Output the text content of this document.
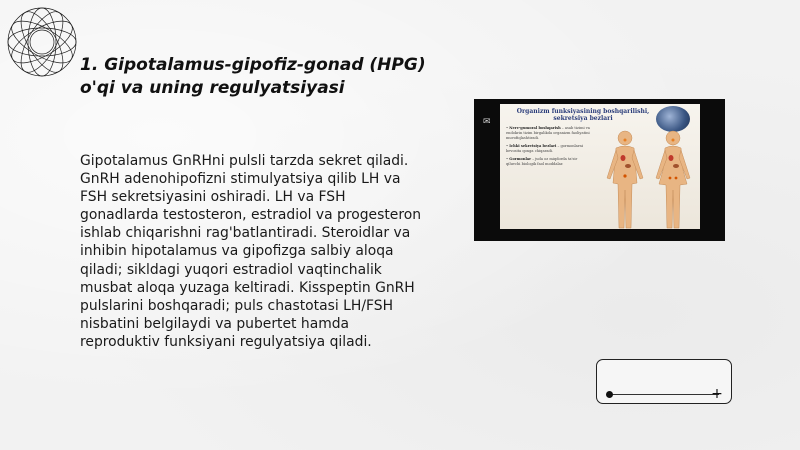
1. Gipotalamus-gipofiz-gonad (HPG) o'qi va uning regulyatsiyasi
Gipotalamus GnRHni pulsli tarzda sekret qiladi. GnRH adenohipofizni stimulyatsiya qilib LH va FSH sekretsiyasini oshiradi. LH va FSH gonadlarda testosteron, estradiol va progesteron ishlab chiqarishni rag'batlantiradi. Steroidlar va inhibin hipotalamus va gipofizga salbiy aloqa qiladi; sikldagi yuqori estradiol vaqtinchalik musbat aloqa yuzaga keltiradi. Kisspeptin GnRH pulslarini boshqaradi; puls chastotasi LH/FSH nisbatini belgilaydi va pubertet hamda reproduktiv funksiyani regulyatsiya qiladi.
✉
Organizm funksiyasining boshqarilishi, sekretsiya bezlari

• Nerv-gumoral boshqarish – asab tizimi va endokrin tizim birgalikda organizm faoliyatini muvofiqlashtiradi.

• Ichki sekretsiya bezlari – gormonlarni bevosita qonga chiqaradi.

• Gormonlar – juda oz miqdorda ta'sir qiluvchi biologik faol moddalar.

+
